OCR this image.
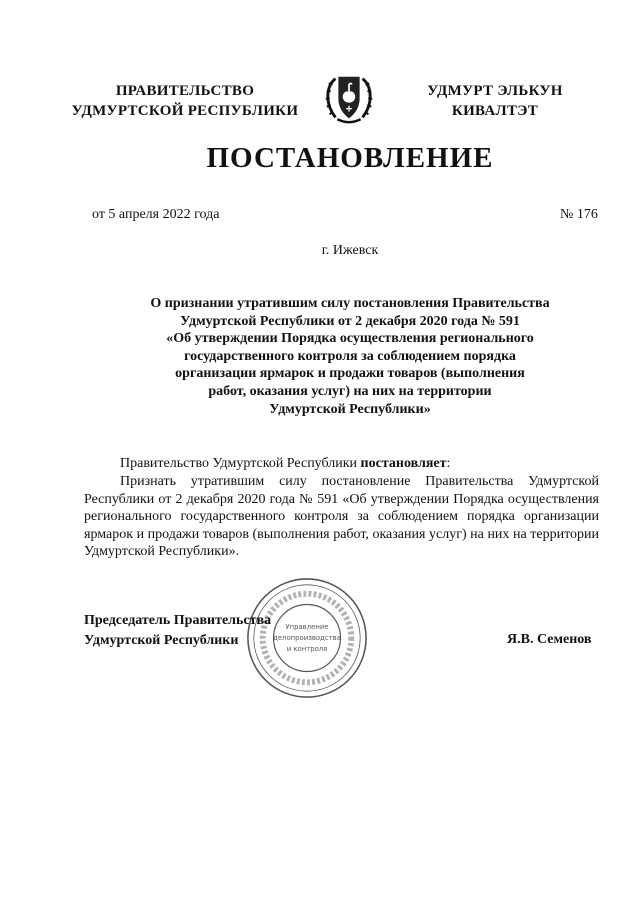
ПРАВИТЕЛЬСТВО
УДМУРТСКОЙ РЕСПУБЛИКИ
УДМУРТ ЭЛЬКУН
КИВАЛТЭТ
ПОСТАНОВЛЕНИЕ
от 5 апреля 2022 года	№ 176
г. Ижевск
О признании утратившим силу постановления Правительства
Удмуртской Республики от 2 декабря 2020 года № 591
«Об утверждении Порядка осуществления регионального
государственного контроля за соблюдением порядка
организации ярмарок и продажи товаров (выполнения
работ, оказания услуг) на них на территории
Удмуртской Республики»
Правительство Удмуртской Республики постановляет:
Признать утратившим силу постановление Правительства Удмуртской Республики от 2 декабря 2020 года № 591 «Об утверждении Порядка осуществления регионального государственного контроля за соблюдением порядка организации ярмарок и продажи товаров (выполнения работ, оказания услуг) на них на территории Удмуртской Республики».
Управление
делопроизводства
и контроля
Председатель Правительства
Удмуртской Республики	Я.В. Семенов
